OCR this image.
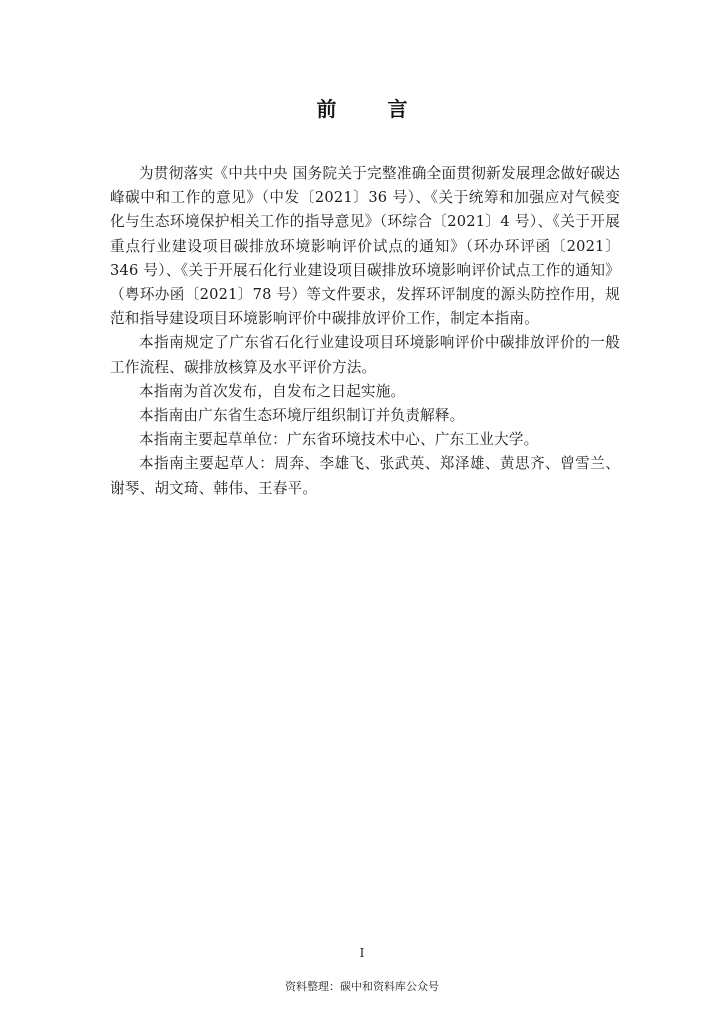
前 言

为贯彻落实《中共中央 国务院关于完整准确全面贯彻新发展理念做好碳达峰碳中和工作的意见》（中发〔2021〕36 号）、《关于统筹和加强应对气候变化与生态环境保护相关工作的指导意见》（环综合〔2021〕4 号）、《关于开展重点行业建设项目碳排放环境影响评价试点的通知》（环办环评函〔2021〕346 号）、《关于开展石化行业建设项目碳排放环境影响评价试点工作的通知》（粤环办函〔2021〕78 号）等文件要求，发挥环评制度的源头防控作用，规范和指导建设项目环境影响评价中碳排放评价工作，制定本指南。

本指南规定了广东省石化行业建设项目环境影响评价中碳排放评价的一般工作流程、碳排放核算及水平评价方法。

本指南为首次发布，自发布之日起实施。

本指南由广东省生态环境厅组织制订并负责解释。

本指南主要起草单位：广东省环境技术中心、广东工业大学。

本指南主要起草人：周奔、李雄飞、张武英、郑泽雄、黄思齐、曾雪兰、谢琴、胡文琦、韩伟、王春平。

I
资料整理：碳中和资料库公众号
